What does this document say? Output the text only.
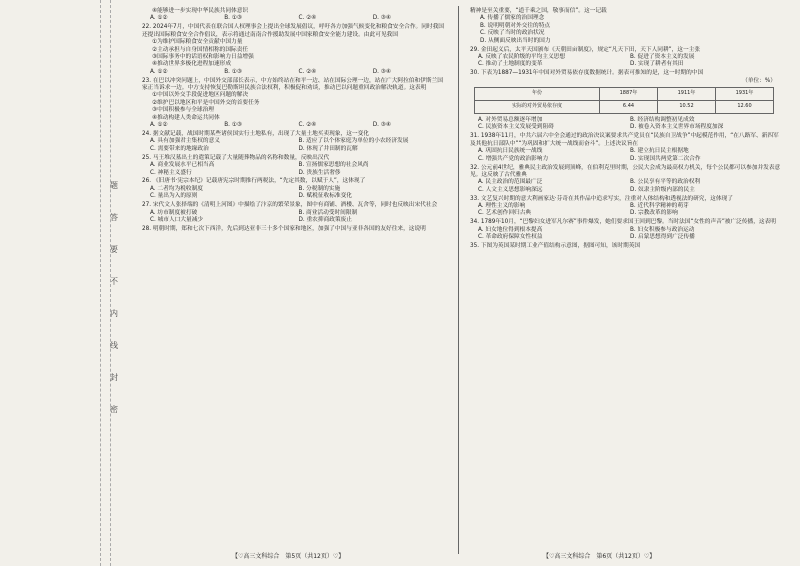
题
答
要
不
内
线
封
密
④能够进一步实现中华民族共同体意识
A. ①②	B. ①③	C. ②④	D. ③④
22. 2024年7月，中国代表在联合国人权理事会上提出全球发展倡议，呼吁各方加强气候变化和粮食安全合作。同时我国还提出国际粮食安全合作倡议，表示将通过南南合作援助发展中国家粮食安全能力建设。由此可见我国
①为维护国际粮食安全贡献中国力量
②主动承担与自身国情相称的国际责任
③国际事务中的话语权和影响力日益增强
④推动世界多极化进程加速形成
A. ①②	B. ①③	C. ②④	D. ③④
23. 在巴以冲突问题上，中国外交部部长表示，中方始终站在和平一边、站在国际公理一边，站在广大阿拉伯和伊斯兰国家正当诉求一边。中方支持恢复巴勒斯坦民族合法权利，积极促和劝谈，推动巴以问题重回政治解决轨道。这表明
①中国以外交手段促进地区问题的解决
②维护巴以地区和平是中国外交的首要任务
③中国积极参与全球治理
④推动构建人类命运共同体
A. ①②	B. ①③	C. ②④	D. ③④
24. 据文献记载，战国时期某些诸侯国实行土地私有，出现了大量土地买卖现象，这一变化
A. 具有加强君主集权的意义	B. 适应了以个体家庭为单位的小农经济发展
C. 需要带来的地缘政治	D. 体现了井田制的瓦解
25. 马王堆汉墓出土的遣策记载了大量随葬物品的名称和数量，反映出汉代
A. 商业发展水平已相当高	B. 宣扬儒家思想的社会风尚
C. 神秘主义盛行	D. 贵族生活奢侈
26. 《旧唐书·宪宗本纪》记载唐宪宗时期推行两税法，“先定其数，以赋于人”，这体现了
A. 二者均为税收制度	B. 分税制的实施
C. 量出为入的原则	D. 赋税征收标准变化
27. 宋代文人张择端的《清明上河图》中描绘了汴京的繁荣景象，图中有商铺、酒楼、瓦舍等，同时也反映出宋代社会
A. 坊市制度被打破	B. 商业活动受时间限制
C. 城市人口大量减少	D. 重农抑商政策废止
28. 明朝时期，郑和七次下西洋，先后到达亚非三十多个国家和地区，加强了中国与亚非各国的友好往来，这说明
精神是至关重要，“道千乘之国，敬事而信”。这一记载
A. 传播了儒家的治国理念
B. 说明明朝对外交往的特点
C. 反映了当时的政治状况
D. 从侧面反映出当时的国力
29. 金田起义后，太平天国颁布《天朝田亩制度》，规定“凡天下田，天下人同耕”，这一主张
A. 反映了农民阶级的平均主义思想	B. 促进了资本主义的发展
C. 推动了土地制度的变革	D. 实现了耕者有其田
30. 下表为1887—1931年中国对外贸易依存度数据统计。据表可推知的是，这一时期的中国
（单位：%）
年份	1887年	1911年	1931年
实际的对外贸易依存度	6.44	10.52	12.60
A. 对外贸易总额逐年增加	B. 经济结构调整初见成效
C. 民族资本主义发展受到阻碍	D. 被卷入资本主义世界市场程度加深
31. 1938年11月，中共六届六中全会通过的政治决议案要求共产党员在“民族自卫战争”中起模范作用，“在八路军、新四军及其他抗日部队中”“为巩固和扩大统一战线而奋斗”。上述决议旨在
A. 巩固抗日民族统一战线	B. 建立抗日民主根据地
C. 增强共产党的政治影响力	D. 实现国共两党第二次合作
32. 公元前4世纪，雅典民主政治发展到顶峰，在伯利克里时期，公民大会成为最高权力机关，每个公民都可以参加并发表意见。这反映了古代雅典
A. 民主政治的范围最广泛	B. 公民享有平等的政治权利
C. 人文主义思想影响深远	D. 奴隶主阶级内部的民主
33. 文艺复兴时期的意大利画家达·芬奇在其作品中追求写实，注重对人体结构和透视法的研究，这体现了
A. 理性主义的影响	B. 近代科学精神的萌芽
C. 艺术创作回归古典	D. 宗教改革的影响
34. 1789年10月，“巴黎妇女进军凡尔赛”事件爆发，她们要求国王回到巴黎。当时法国“女性的声音”被广泛传播，这表明
A. 妇女地位得到根本提高	B. 妇女积极参与政治运动
C. 革命政府保障女性权益	D. 启蒙思想得到广泛传播
35. 下图为英国某时期工业产值结构示意图，据图可知，该时期英国
【♡高三文科综合　第5页（共12页）♡】	【♡高三文科综合　第6页（共12页）♡】
